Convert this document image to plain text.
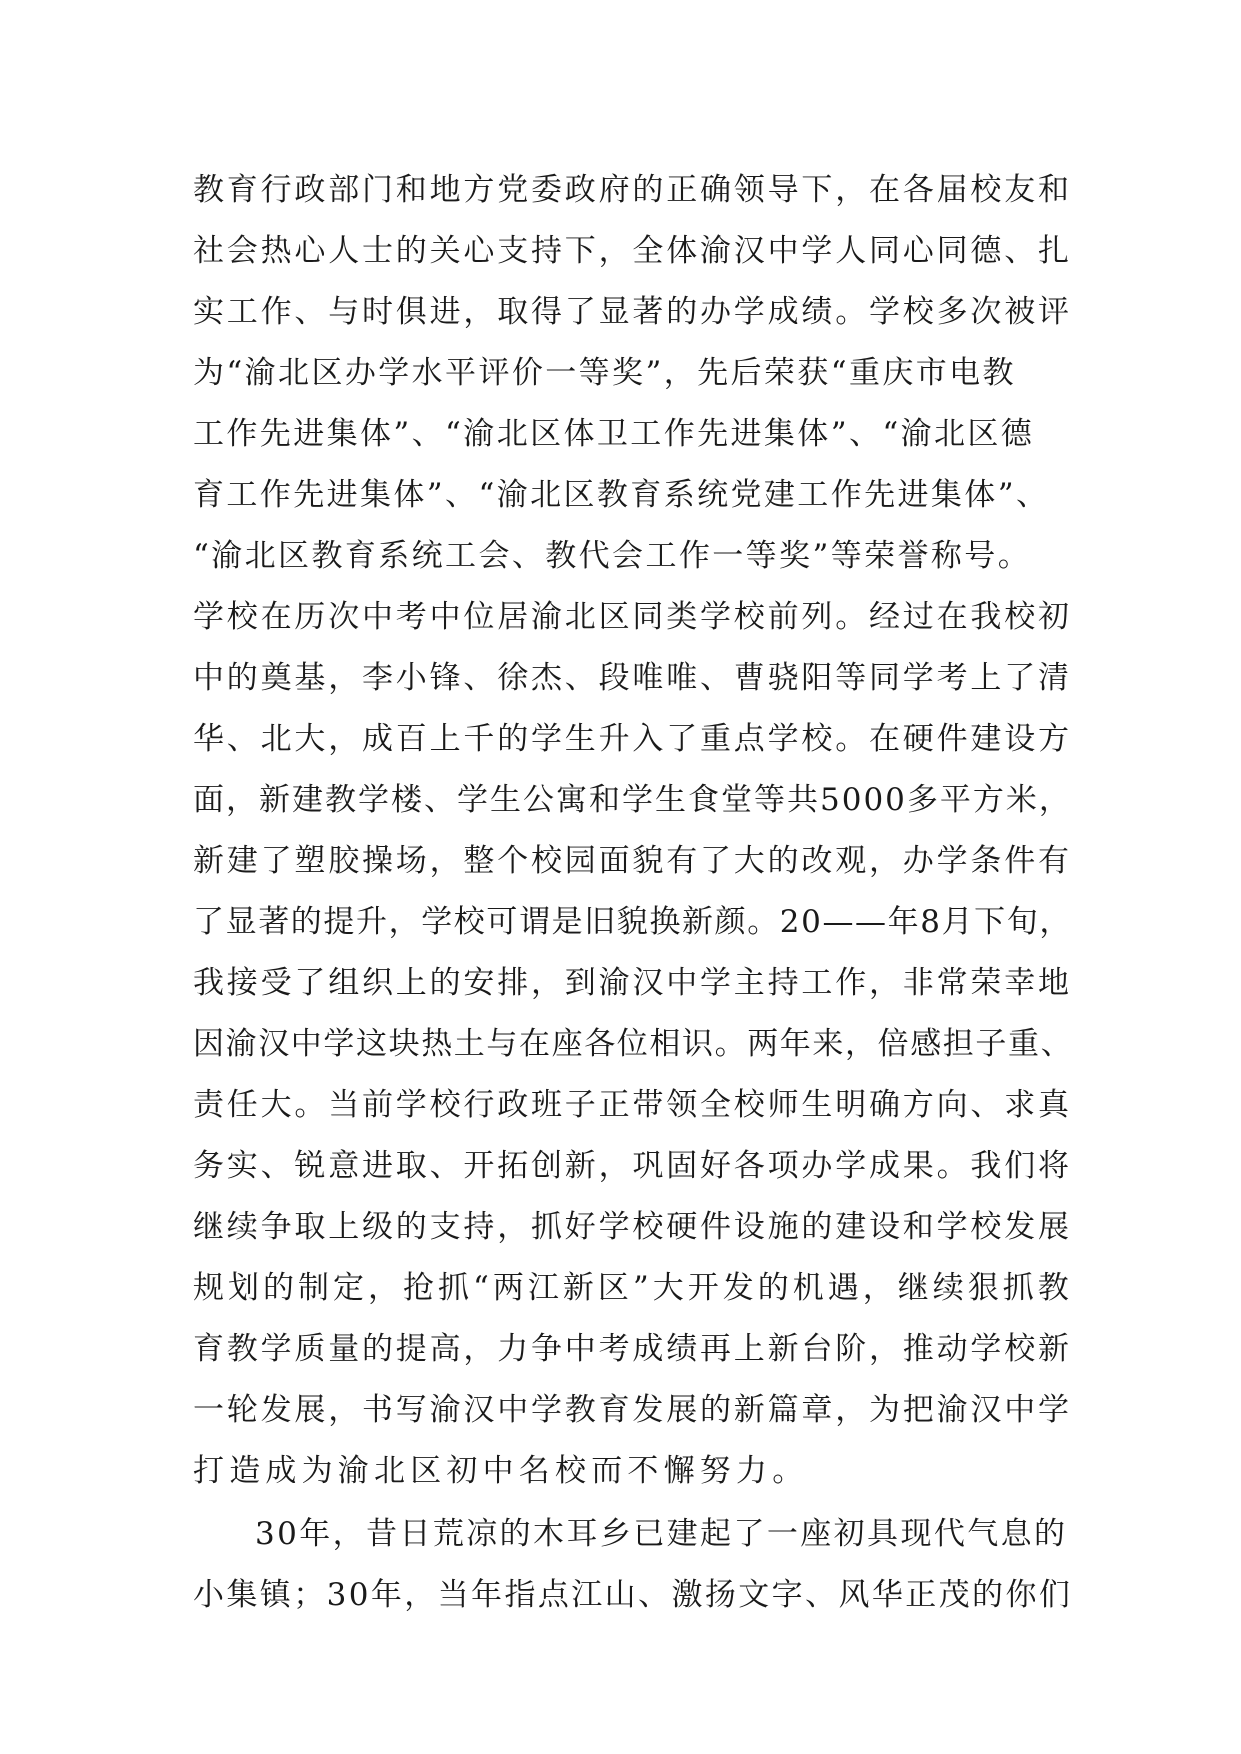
教育行政部门和地方党委政府的正确领导下，在各届校友和
社会热心人士的关心支持下，全体渝汉中学人同心同德、扎
实工作、与时俱进，取得了显著的办学成绩。学校多次被评
为“渝北区办学水平评价一等奖”，先后荣获“重庆市电教
工作先进集体”、“渝北区体卫工作先进集体”、“渝北区德
育工作先进集体”、“渝北区教育系统党建工作先进集体”、
“渝北区教育系统工会、教代会工作一等奖”等荣誉称号。
学校在历次中考中位居渝北区同类学校前列。经过在我校初
中的奠基，李小锋、徐杰、段唯唯、曹骁阳等同学考上了清
华、北大，成百上千的学生升入了重点学校。在硬件建设方
面，新建教学楼、学生公寓和学生食堂等共5000多平方米，
新建了塑胶操场，整个校园面貌有了大的改观，办学条件有
了显著的提升，学校可谓是旧貌换新颜。20——年8月下旬，
我接受了组织上的安排，到渝汉中学主持工作，非常荣幸地
因渝汉中学这块热土与在座各位相识。两年来，倍感担子重、
责任大。当前学校行政班子正带领全校师生明确方向、求真
务实、锐意进取、开拓创新，巩固好各项办学成果。我们将
继续争取上级的支持，抓好学校硬件设施的建设和学校发展
规划的制定，抢抓“两江新区”大开发的机遇，继续狠抓教
育教学质量的提高，力争中考成绩再上新台阶，推动学校新
一轮发展，书写渝汉中学教育发展的新篇章，为把渝汉中学
打造成为渝北区初中名校而不懈努力。
30年，昔日荒凉的木耳乡已建起了一座初具现代气息的
小集镇；30年，当年指点江山、激扬文字、风华正茂的你们
